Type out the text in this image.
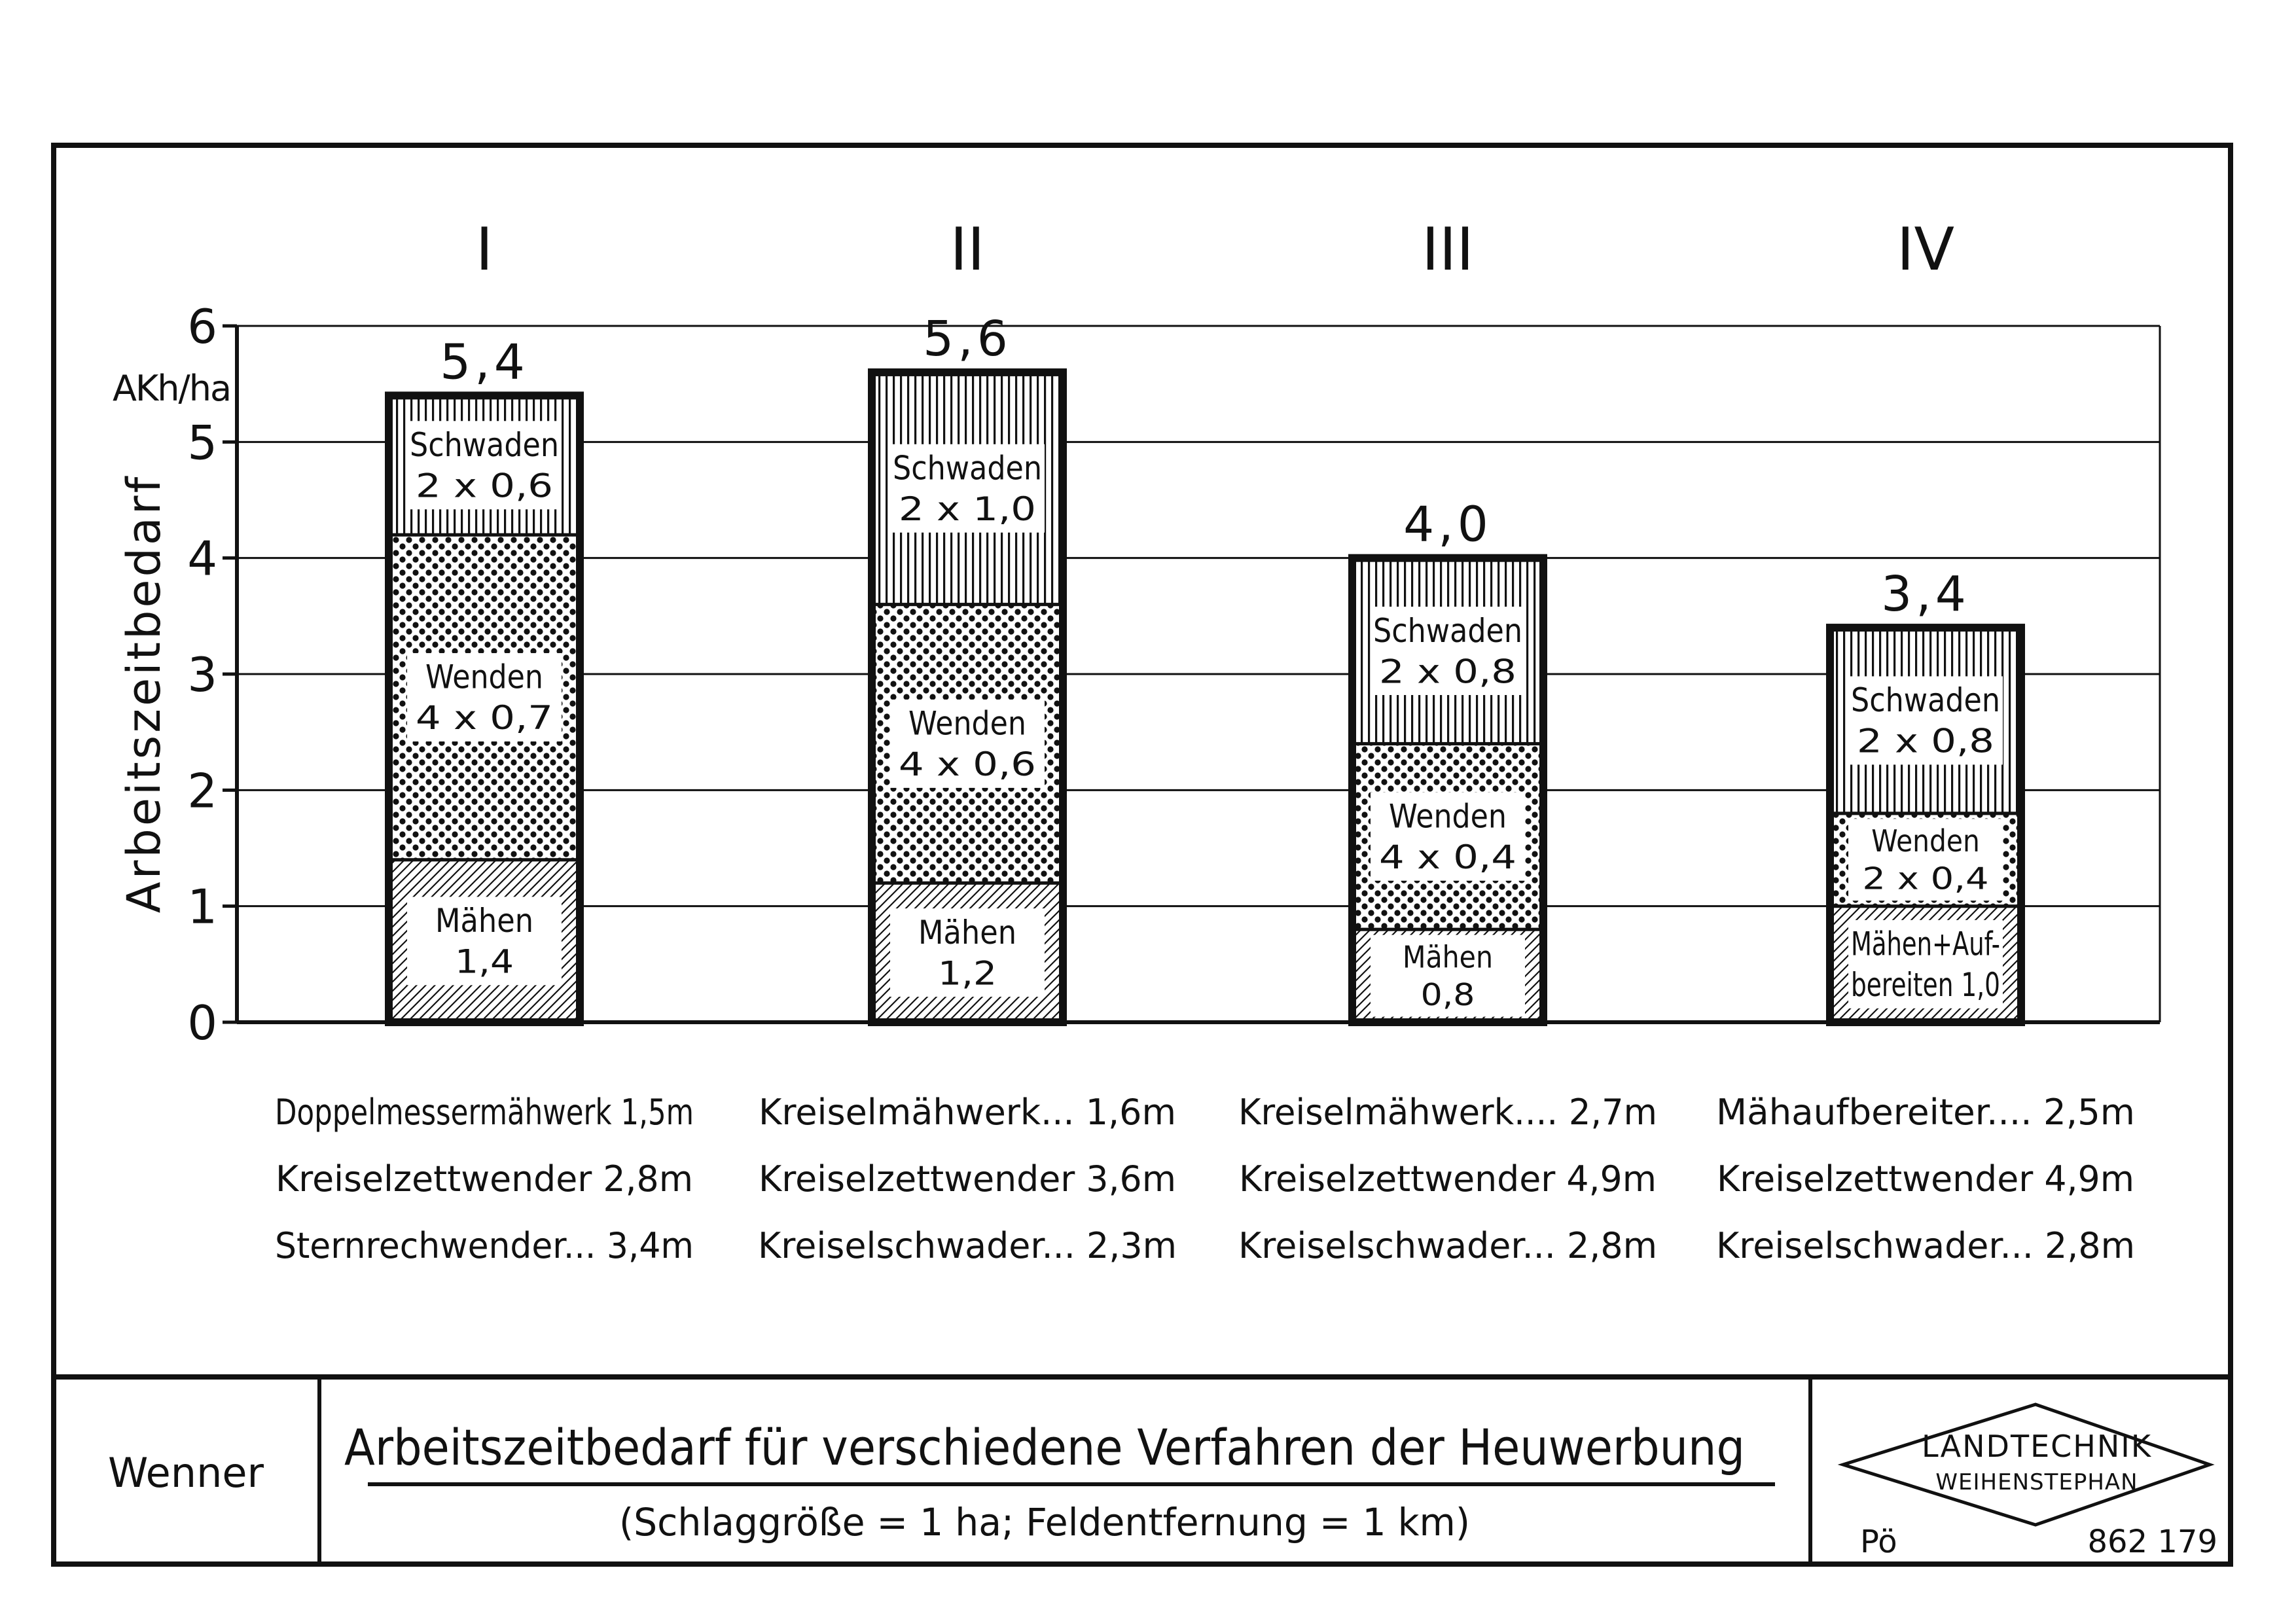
Mähen
1,4
Wenden
4 x 0,7
Schwaden
2 x 0,6
5,4
Mähen
1,2
Wenden
4 x 0,6
Schwaden
2 x 1,0
5,6
Mähen
0,8
Wenden
4 x 0,4
Schwaden
2 x 0,8
4,0
Mähen+Auf-
bereiten 1,0
Wenden
2 x 0,4
Schwaden
2 x 0,8
3,4
0
1
2
3
4
5
6
I
Doppelmessermähwerk 1,5m
Kreiselzettwender 2,8m
Sternrechwender... 3,4m
II
Kreiselmähwerk... 1,6m
Kreiselzettwender 3,6m
Kreiselschwader... 2,3m
III
Kreiselmähwerk.... 2,7m
Kreiselzettwender 4,9m
Kreiselschwader... 2,8m
IV
Mähaufbereiter.... 2,5m
Kreiselzettwender 4,9m
Kreiselschwader... 2,8m
AKh/ha
Arbeitszeitbedarf
Wenner Arbeitszeitbedarf für verschiedene Verfahren der Heuwerbung
(Schlaggröße = 1 ha; Feldentfernung = 1 km)
LANDTECHNIK
WEIHENSTEPHAN
Pö	862 179
